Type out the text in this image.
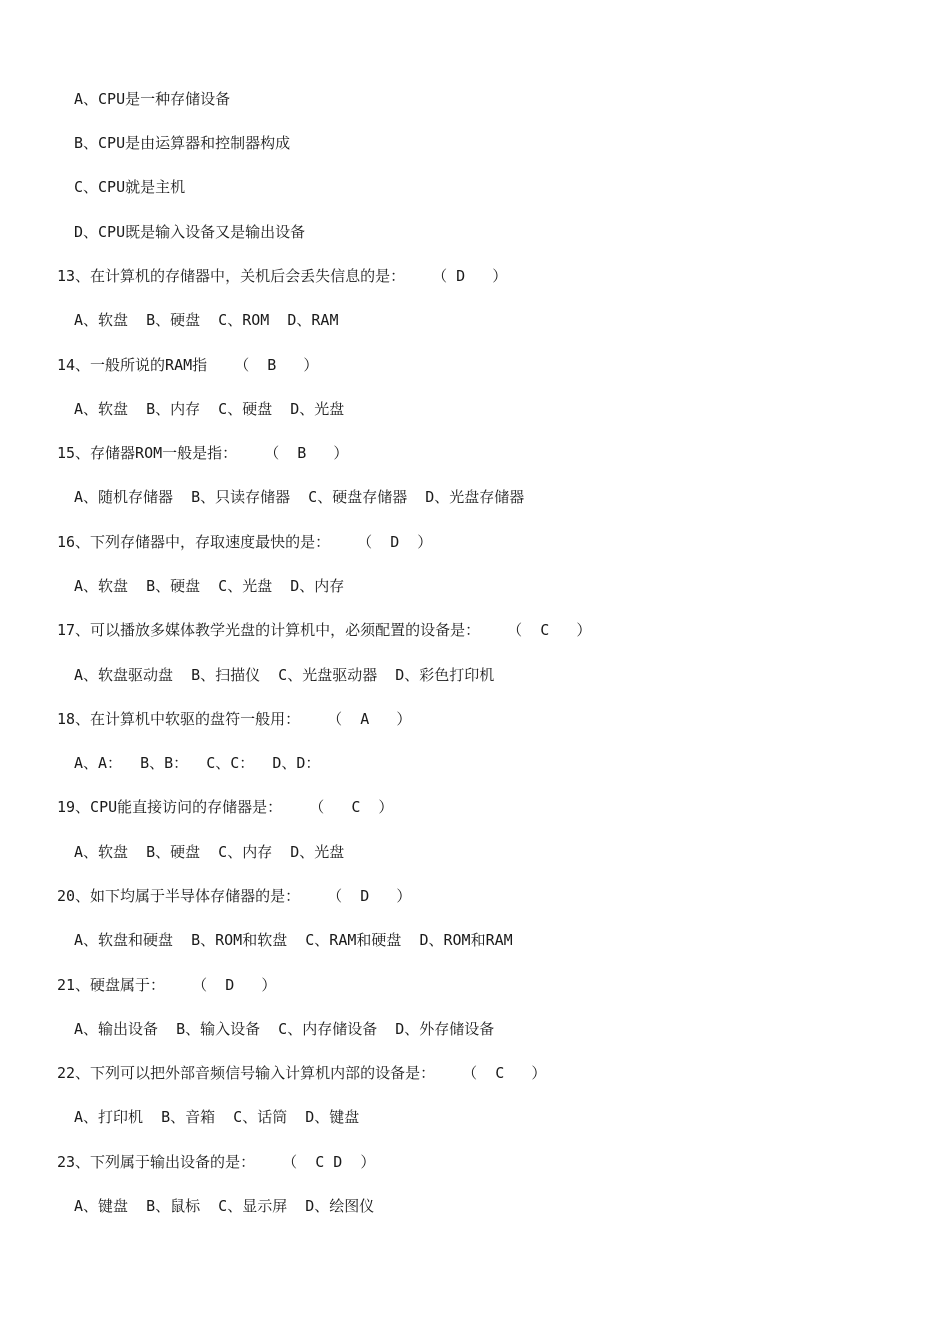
A、CPU是一种存储设备
B、CPU是由运算器和控制器构成
C、CPU就是主机
D、CPU既是输入设备又是输出设备
13、在计算机的存储器中，关机后会丢失信息的是：   （ D   ）
A、软盘  B、硬盘  C、ROM  D、RAM
14、一般所说的RAM指   （  B   ）
A、软盘  B、内存  C、硬盘  D、光盘
15、存储器ROM一般是指：   （  B   ）
A、随机存储器  B、只读存储器  C、硬盘存储器  D、光盘存储器
16、下列存储器中，存取速度最快的是：   （  D  ）
A、软盘  B、硬盘  C、光盘  D、内存
17、可以播放多媒体教学光盘的计算机中，必须配置的设备是：   （  C   ）
A、软盘驱动盘  B、扫描仪  C、光盘驱动器  D、彩色打印机
18、在计算机中软驱的盘符一般用：   （  A   ）
A、A：  B、B：  C、C：  D、D：
19、CPU能直接访问的存储器是：   （   C  ）
A、软盘  B、硬盘  C、内存  D、光盘
20、如下均属于半导体存储器的是：   （  D   ）
A、软盘和硬盘  B、ROM和软盘  C、RAM和硬盘  D、ROM和RAM
21、硬盘属于：   （  D   ）
A、输出设备  B、输入设备  C、内存储设备  D、外存储设备
22、下列可以把外部音频信号输入计算机内部的设备是：   （  C   ）
A、打印机  B、音箱  C、话筒  D、键盘
23、下列属于输出设备的是：   （  C D  ）
A、键盘  B、鼠标  C、显示屏  D、绘图仪
